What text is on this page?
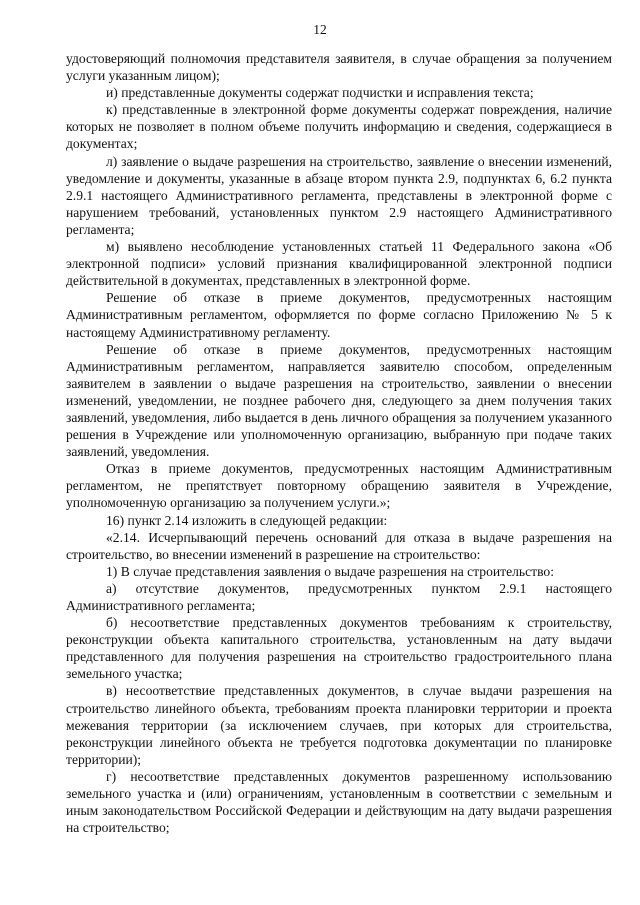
12

удостоверяющий полномочия представителя заявителя, в случае обращения за получением услуги указанным лицом);

и) представленные документы содержат подчистки и исправления текста;

к) представленные в электронной форме документы содержат повреждения, наличие которых не позволяет в полном объеме получить информацию и сведения, содержащиеся в документах;

л) заявление о выдаче разрешения на строительство, заявление о внесении изменений, уведомление и документы, указанные в абзаце втором пункта 2.9, подпунктах 6, 6.2 пункта 2.9.1 настоящего Административного регламента, представлены в электронной форме с нарушением требований, установленных пунктом 2.9 настоящего Административного регламента;

м) выявлено несоблюдение установленных статьей 11 Федерального закона «Об электронной подписи» условий признания квалифицированной электронной подписи действительной в документах, представленных в электронной форме.

Решение об отказе в приеме документов, предусмотренных настоящим Административным регламентом, оформляется по форме согласно Приложению № 5 к настоящему Административному регламенту.

Решение об отказе в приеме документов, предусмотренных настоящим Административным регламентом, направляется заявителю способом, определенным заявителем в заявлении о выдаче разрешения на строительство, заявлении о внесении изменений, уведомлении, не позднее рабочего дня, следующего за днем получения таких заявлений, уведомления, либо выдается в день личного обращения за получением указанного решения в Учреждение или уполномоченную организацию, выбранную при подаче таких заявлений, уведомления.

Отказ в приеме документов, предусмотренных настоящим Административным регламентом, не препятствует повторному обращению заявителя в Учреждение, уполномоченную организацию за получением услуги.»;

16) пункт 2.14 изложить в следующей редакции:

«2.14. Исчерпывающий перечень оснований для отказа в выдаче разрешения на строительство, во внесении изменений в разрешение на строительство:

1) В случае представления заявления о выдаче разрешения на строительство:

а) отсутствие документов, предусмотренных пунктом 2.9.1 настоящего Административного регламента;

б) несоответствие представленных документов требованиям к строительству, реконструкции объекта капитального строительства, установленным на дату выдачи представленного для получения разрешения на строительство градостроительного плана земельного участка;

в) несоответствие представленных документов, в случае выдачи разрешения на строительство линейного объекта, требованиям проекта планировки территории и проекта межевания территории (за исключением случаев, при которых для строительства, реконструкции линейного объекта не требуется подготовка документации по планировке территории);

г) несоответствие представленных документов разрешенному использованию земельного участка и (или) ограничениям, установленным в соответствии с земельным и иным законодательством Российской Федерации и действующим на дату выдачи разрешения на строительство;
